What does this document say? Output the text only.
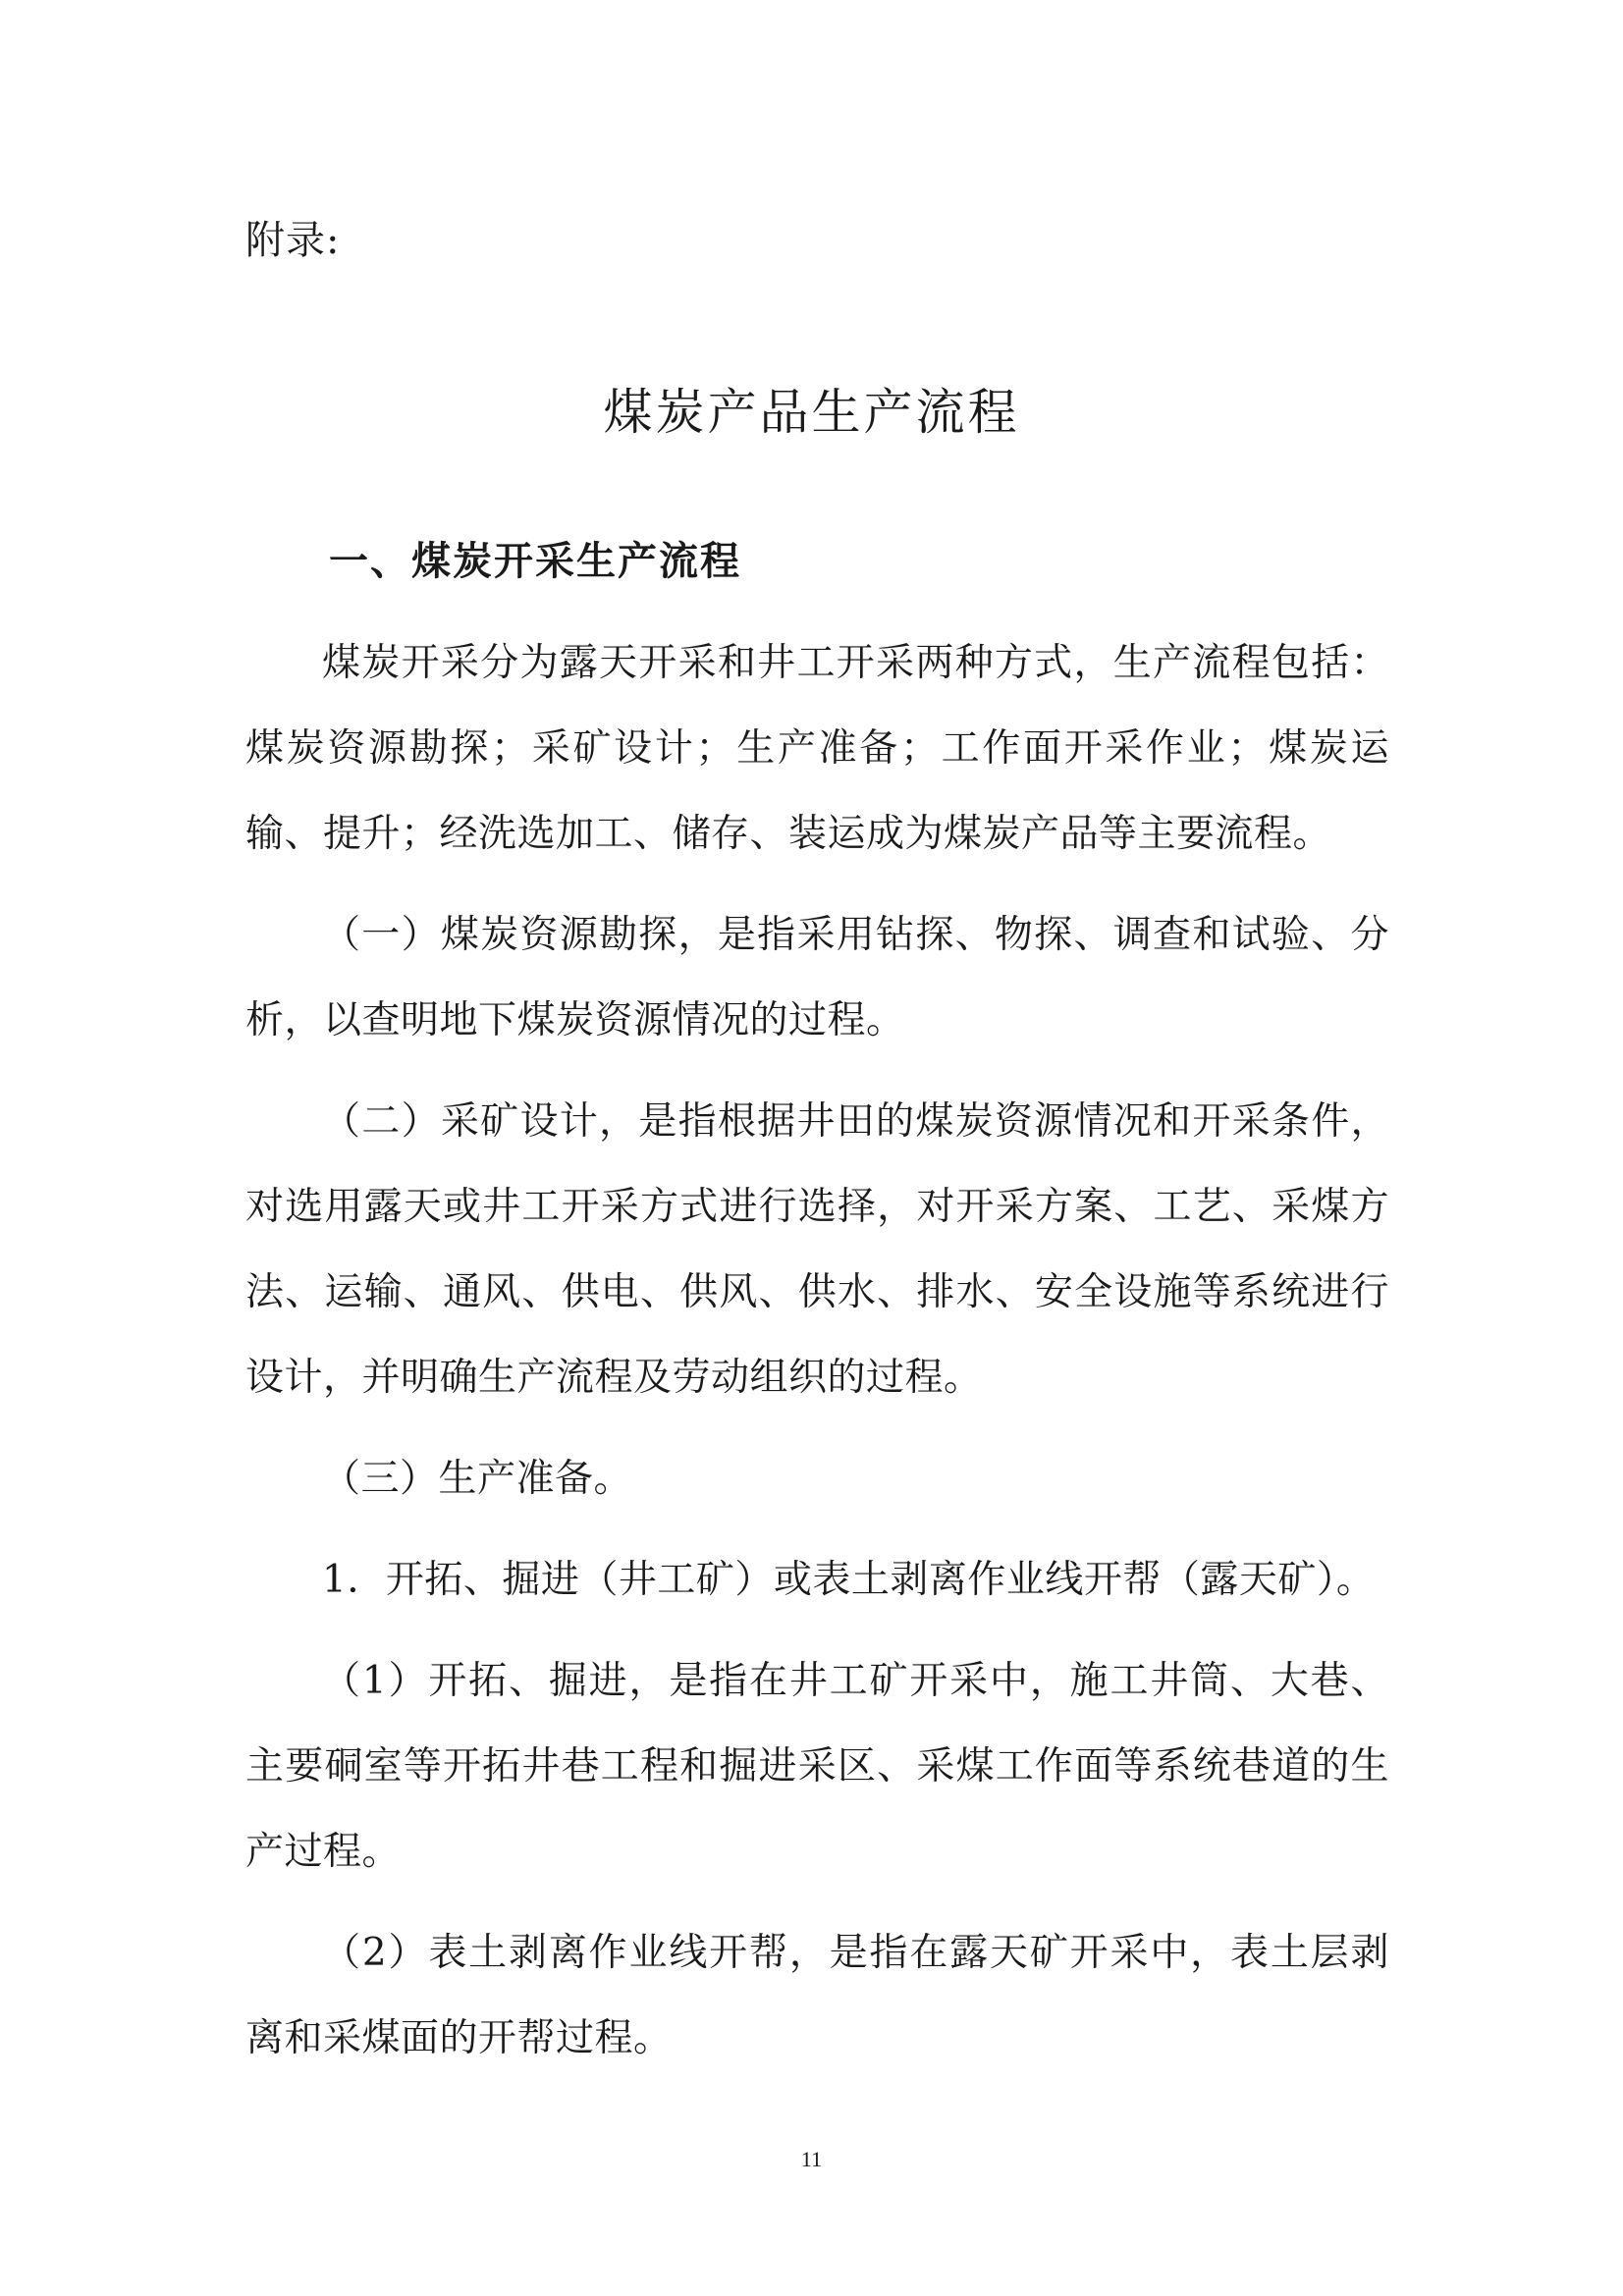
附录:
煤炭产品生产流程
一、煤炭开采生产流程

煤炭开采分为露天开采和井工开采两种方式，生产流程包括：煤炭资源勘探；采矿设计；生产准备；工作面开采作业；煤炭运输、提升；经洗选加工、储存、装运成为煤炭产品等主要流程。

（一）煤炭资源勘探，是指采用钻探、物探、调查和试验、分析，以查明地下煤炭资源情况的过程。

（二）采矿设计，是指根据井田的煤炭资源情况和开采条件，对选用露天或井工开采方式进行选择，对开采方案、工艺、采煤方法、运输、通风、供电、供风、供水、排水、安全设施等系统进行设计，并明确生产流程及劳动组织的过程。

（三）生产准备。

1．开拓、掘进（井工矿）或表土剥离作业线开帮（露天矿）。

（1）开拓、掘进，是指在井工矿开采中，施工井筒、大巷、主要硐室等开拓井巷工程和掘进采区、采煤工作面等系统巷道的生产过程。

（2）表土剥离作业线开帮，是指在露天矿开采中，表土层剥离和采煤面的开帮过程。

11
